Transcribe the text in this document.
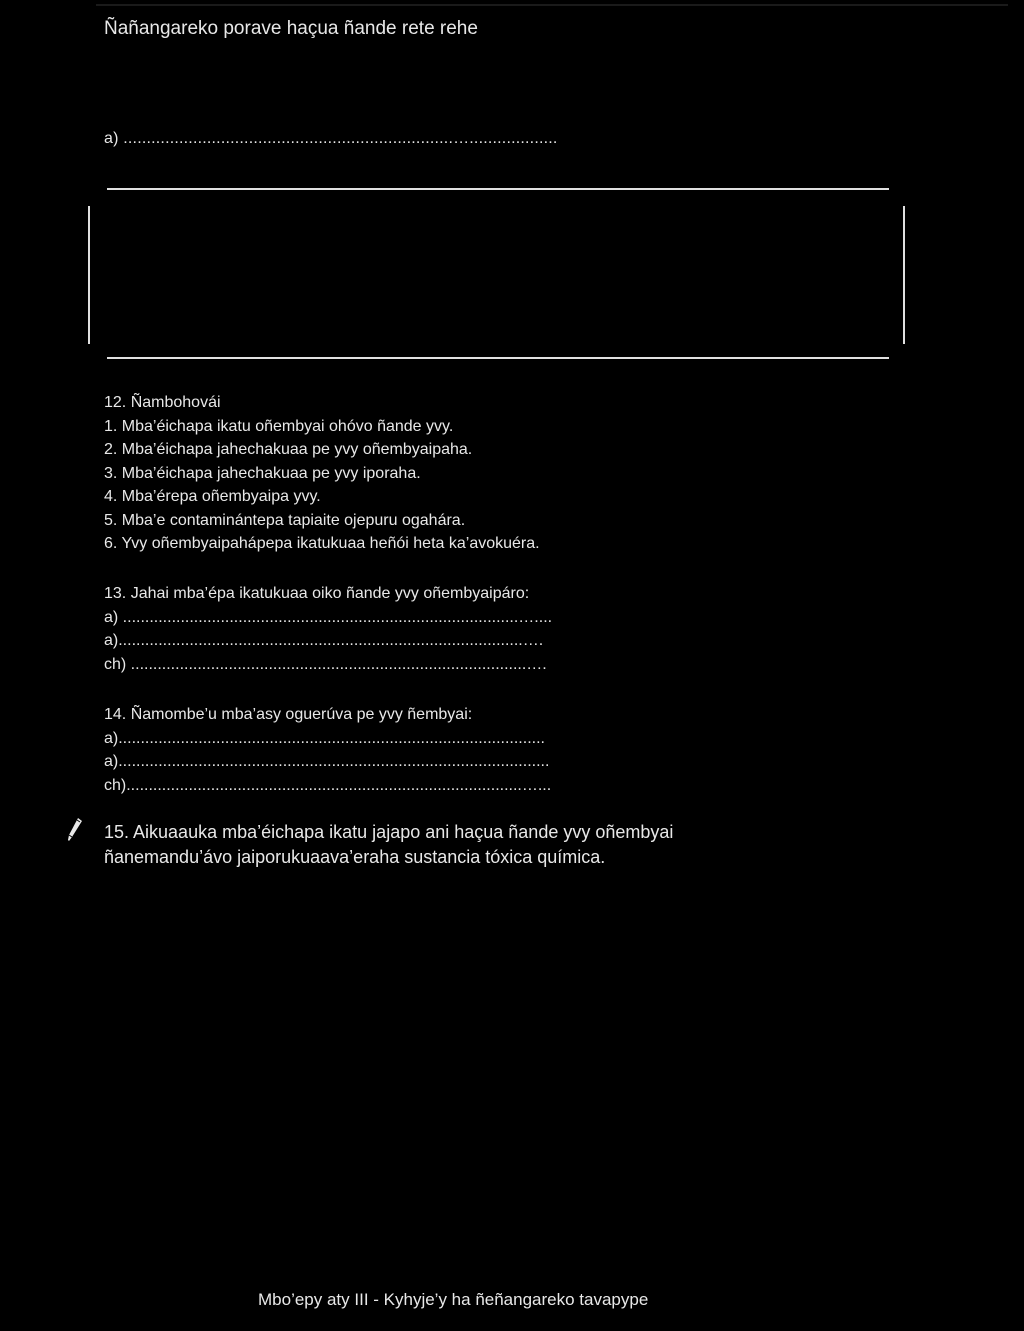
Ñañangareko porave haçua ñande rete rehe
a) .......................................................................…...................
12. Ñambohovái
1. Mba’éichapa ikatu oñembyai ohóvo ñande yvy.
2. Mba’éichapa jahechakuaa pe yvy oñembyaipaha.
3. Mba’éichapa jahechakuaa pe yvy iporaha.
4. Mba’érepa oñembyaipa yvy.
5. Mba’e contaminántepa tapiaite ojepuru ogahára.
6. Yvy oñembyaipahápepa ikatukuaa heñói heta ka’avokuéra.
13. Jahai mba’épa ikatukuaa oiko ñande yvy oñembyaipáro:
a) .........................................................................................…....
a)...........................................................................................….
ch) .........................................................................................….
14. Ñamombe’u mba’asy oguerúva pe yvy ñembyai:
a)................................................................................................
a).................................................................................................
ch).........................................................................................…...
15. Aikuaauka mba’éichapa ikatu jajapo ani haçua ñande yvy oñembyai
ñanemandu’ávo jaiporukuaava’eraha sustancia tóxica química.
Mbo’epy aty III - Kyhyje’y ha ñeñangareko tavapype
